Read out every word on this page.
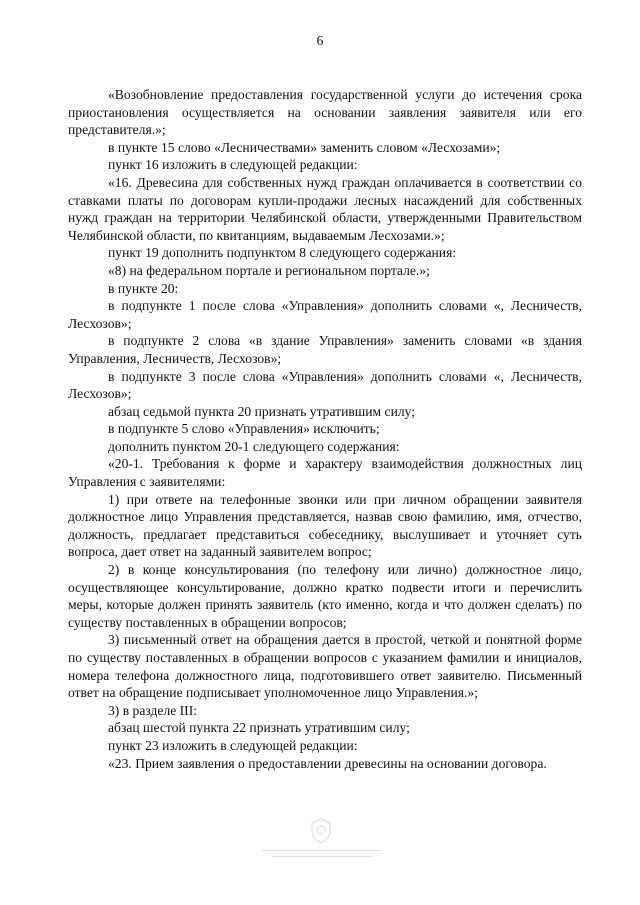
6

«Возобновление предоставления государственной услуги до истечения срока приостановления осуществляется на основании заявления заявителя или его представителя.»;

в пункте 15 слово «Лесничествами» заменить словом «Лесхозами»;

пункт 16 изложить в следующей редакции:

«16. Древесина для собственных нужд граждан оплачивается в соответствии со ставками платы по договорам купли-продажи лесных насаждений для собственных нужд граждан на территории Челябинской области, утвержденными Правительством Челябинской области, по квитанциям, выдаваемым Лесхозами.»;

пункт 19 дополнить подпунктом 8 следующего содержания:

«8) на федеральном портале и региональном портале.»;

в пункте 20:

в подпункте 1 после слова «Управления» дополнить словами «, Лесничеств, Лесхозов»;

в подпункте 2 слова «в здание Управления» заменить словами «в здания Управления, Лесничеств, Лесхозов»;

в подпункте 3 после слова «Управления» дополнить словами «, Лесничеств, Лесхозов»;

абзац седьмой пункта 20 признать утратившим силу;

в подпункте 5 слово «Управления» исключить;

дополнить пунктом 20-1 следующего содержания:

«20-1. Требования к форме и характеру взаимодействия должностных лиц Управления с заявителями:

1) при ответе на телефонные звонки или при личном обращении заявителя должностное лицо Управления представляется, назвав свою фамилию, имя, отчество, должность, предлагает представиться собеседнику, выслушивает и уточняет суть вопроса, дает ответ на заданный заявителем вопрос;

2) в конце консультирования (по телефону или лично) должностное лицо, осуществляющее консультирование, должно кратко подвести итоги и перечислить меры, которые должен принять заявитель (кто именно, когда и что должен сделать) по существу поставленных в обращении вопросов;

3) письменный ответ на обращения дается в простой, четкой и понятной форме по существу поставленных в обращении вопросов с указанием фамилии и инициалов, номера телефона должностного лица, подготовившего ответ заявителю. Письменный ответ на обращение подписывает уполномоченное лицо Управления.»;

3) в разделе III:

абзац шестой пункта 22 признать утратившим силу;

пункт 23 изложить в следующей редакции:

«23. Прием заявления о предоставлении древесины на основании договора.
